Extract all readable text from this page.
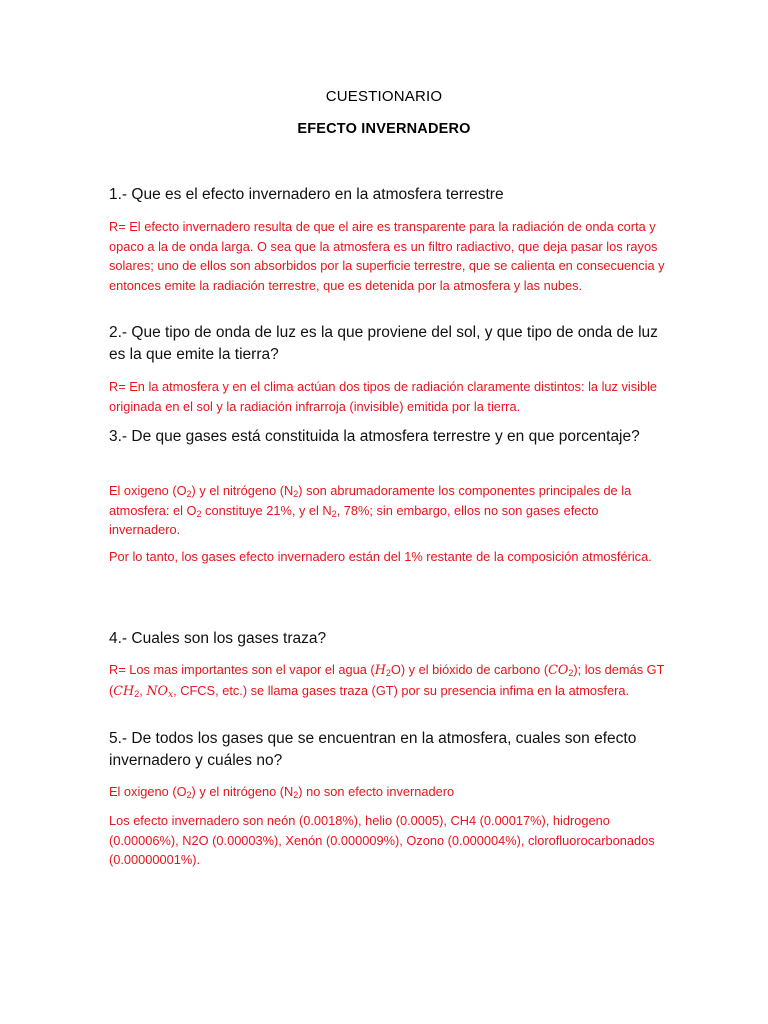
CUESTIONARIO
EFECTO INVERNADERO
1.- Que es el efecto invernadero en la atmosfera terrestre
R= El efecto invernadero resulta de que el aire es transparente para la radiación de onda corta y opaco a la de onda larga. O sea que la atmosfera es un filtro radiactivo, que deja pasar los rayos solares; uno de ellos son absorbidos por la superficie terrestre, que se calienta en consecuencia y entonces emite la radiación terrestre, que es detenida por la atmosfera y las nubes.
2.- Que tipo de onda de luz es la que proviene del sol, y que tipo de onda de luz es la que emite la tierra?
R= En la atmosfera y en el clima actúan dos tipos de radiación claramente distintos: la luz visible originada en el sol y la radiación infrarroja (invisible) emitida por la tierra.
3.- De que gases está constituida la atmosfera terrestre y en que porcentaje?
El oxigeno $(O_2)$ y el nitrógeno $(N_2)$ son abrumadoramente los componentes principales de la atmosfera: el $O_2$ constituye 21%, y el $N_2$, 78%; sin embargo, ellos no son gases efecto invernadero.
Por lo tanto, los gases efecto invernadero están del 1% restante de la composición atmosférica.
4.- Cuales son los gases traza?
R= Los mas importantes son el vapor el agua $(H_2O)$ y el bióxido de carbono $(CO_2)$; los demás GT ($CH_2$, $NO_x$, CFCS, etc.) se llama gases traza (GT) por su presencia infima en la atmosfera.
5.- De todos los gases que se encuentran en la atmosfera, cuales son efecto invernadero y cuáles no?
El oxigeno $(O_2)$ y el nitrógeno $(N_2)$ no son efecto invernadero
Los efecto invernadero son neón (0.0018%), helio (0.0005), CH4 (0.00017%), hidrogeno (0.00006%), N2O (0.00003%), Xenón (0.000009%), Ozono (0.000004%), clorofluorocarbonados (0.00000001%).
